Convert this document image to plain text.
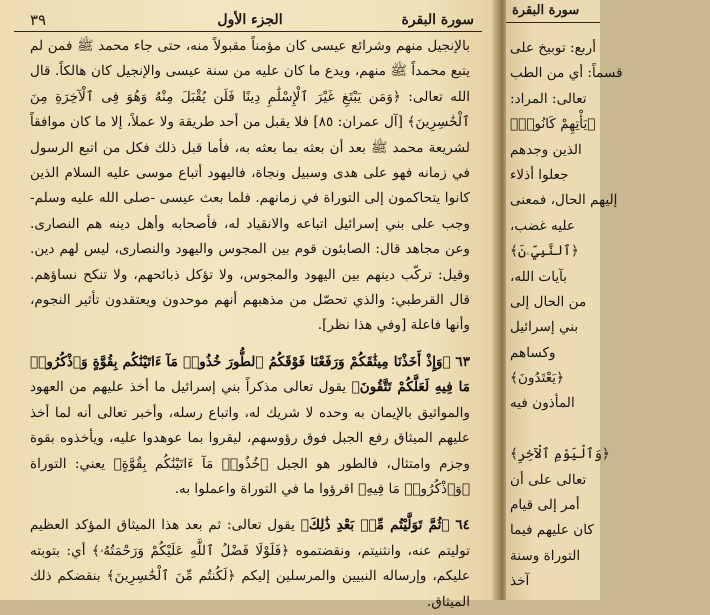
سورة البقرة
الجزء الأول
٣٩

بالإنجيل منهم وشرائع عيسى كان مؤمناً مقبولاً منه، حتى جاء محمد ﷺ فمن لم يتبع محمداً ﷺ منهم، ويدع ما كان عليه من سنة عيسى والإنجيل كان هالكاً. قال الله تعالى: ﴿وَمَن يَبْتَغِ غَيْرَ ٱلْإِسْلَٰمِ دِينًا فَلَن يُقْبَلَ مِنْهُ وَهُوَ فِى ٱلْآخِرَةِ مِنَ ٱلْخَٰسِرِينَ﴾ [آل عمران: ٨٥] فلا يقبل من أحد طريقة ولا عملاً، إلا ما كان موافقاً لشريعة محمد ﷺ بعد أن بعثه بما بعثه به، فأما قبل ذلك فكل من اتبع الرسول في زمانه فهو على هدى وسبيل ونجاة، فاليهود أتباع موسى عليه السلام الذين كانوا يتحاكمون إلى التوراة في زمانهم. فلما بعث عيسى -صلى الله عليه وسلم- وجب على بني إسرائيل اتباعه والانقياد له، فأصحابه وأهل دينه هم النصارى. وعن مجاهد قال: الصابئون قوم بين المجوس واليهود والنصارى، ليس لهم دين. وقيل: تركّب دينهم بين اليهود والمجوس، ولا تؤكل ذبائحهم، ولا تنكح نساؤهم. قال القرطبي: والذي تحصّل من مذهبهم أنهم موحدون ويعتقدون تأثير النجوم، وأنها فاعلة [وفي هذا نظر].

٦٣ ﴿وَإِذْ أَخَذْنَا مِيثَٰقَكُمْ وَرَفَعْنَا فَوْقَكُمُ ٱلطُّورَ خُذُوا۟ مَآ ءَاتَيْنَٰكُم بِقُوَّةٍ وَٱذْكُرُوا۟ مَا فِيهِ لَعَلَّكُمْ تَتَّقُونَ﴾ يقول تعالى مذكراً بني إسرائيل ما أخذ عليهم من العهود والمواثيق بالإيمان به وحده لا شريك له، واتباع رسله، وأخبر تعالى أنه لما أخذ عليهم الميثاق رفع الجبل فوق رؤوسهم، ليقروا بما عوهدوا عليه، ويأخذوه بقوة وجزم وامتثال، فالطور هو الجبل ﴿خُذُوا۟ مَآ ءَاتَيْنَٰكُم بِقُوَّةٍ﴾ يعني: التوراة ﴿وَٱذْكُرُوا۟ مَا فِيهِ﴾ اقرؤوا ما في التوراة واعملوا به.

٦٤ ﴿ثُمَّ تَوَلَّيْتُم مِّنۢ بَعْدِ ذَٰلِكَ﴾ يقول تعالى: ثم بعد هذا الميثاق المؤكد العظيم توليتم عنه، وانثنيتم، ونقضتموه ﴿فَلَوْلَا فَضْلُ ٱللَّهِ عَلَيْكُمْ وَرَحْمَتُهُۥ﴾ أي: بتوبته عليكم، وإرساله النبيين والمرسلين إليكم ﴿لَكُنتُم مِّنَ ٱلْخَٰسِرِينَ﴾ بنقضكم ذلك الميثاق.

سورة البقرة
أربع: توبيخ على
قسماً: أي من الطب
تعالى: المراد:
﴿يَأْتِهِمْ كَانُوا۟﴾
الذين وجدهم
جعلوا أذلاء
إليهم الحال، فمعنى
عليه غضب،
﴿ٱلنَّبِيِّۦنَ﴾
بآيات الله،
من الحال إلى
بني إسرائيل
وكساهم
﴿يَعْتَدُونَ﴾
المأذون فيه
﴿وَٱلْيَوْمِ ٱلْآخِرِ﴾
تعالى على أن
أمر إلى قيام
كان عليهم فيما
التوراة وسنة
آخذ
